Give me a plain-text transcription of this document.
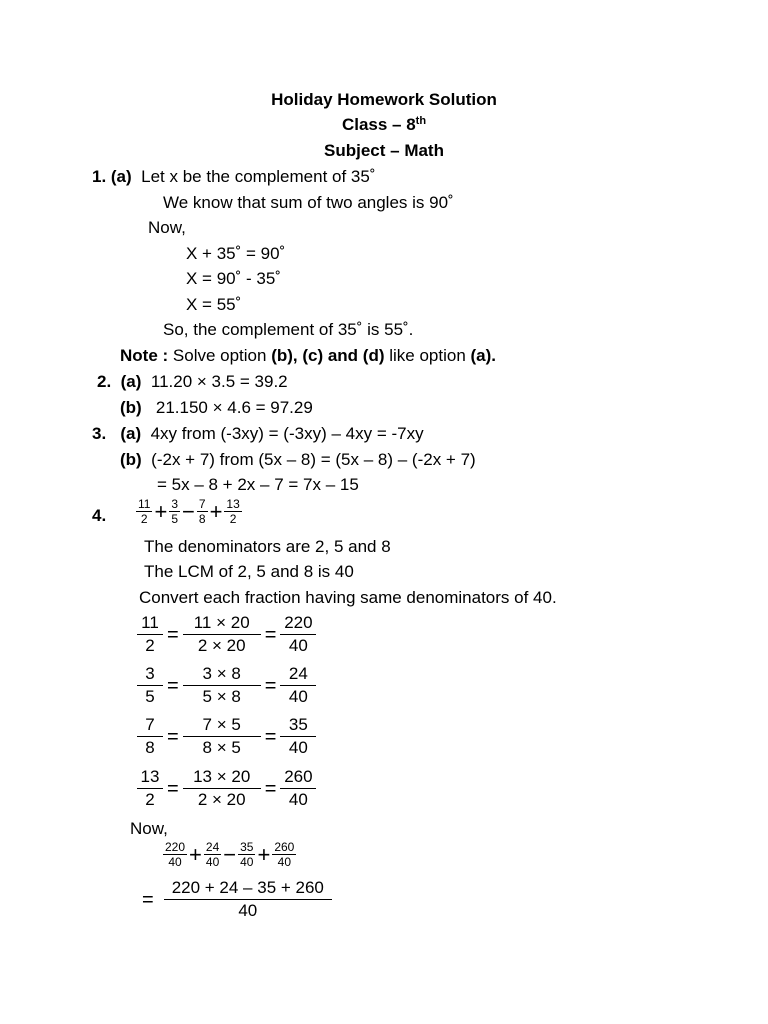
Holiday Homework Solution
Class – 8th
Subject – Math
1. (a) Let x be the complement of 35˚
We know that sum of two angles is 90˚
Now,
X + 35˚ = 90˚
X = 90˚ - 35˚
X = 55˚
So, the complement of 35˚ is 55˚.
Note : Solve option (b), (c) and (d) like option (a).
2. (a) 11.20 × 3.5 = 39.2
(b) 21.150 × 4.6 = 97.29
3. (a) 4xy from (-3xy) = (-3xy) – 4xy = -7xy
(b) (-2x + 7) from (5x – 8) = (5x – 8) – (-2x + 7)
= 5x – 8 + 2x – 7 = 7x – 15
4. $\frac{11}{2} + \frac{3}{5} - \frac{7}{8} + \frac{13}{2}$
The denominators are 2, 5 and 8
The LCM of 2, 5 and 8 is 40
Convert each fraction having same denominators of 40.
$\frac{11}{2} = \frac{11 \times 20}{2 \times 20} = \frac{220}{40}$
$\frac{3}{5} = \frac{3 \times 8}{5 \times 8} = \frac{24}{40}$
$\frac{7}{8} = \frac{7 \times 5}{8 \times 5} = \frac{35}{40}$
$\frac{13}{2} = \frac{13 \times 20}{2 \times 20} = \frac{260}{40}$
Now,
$\frac{220}{40} + \frac{24}{40} - \frac{35}{40} + \frac{260}{40}$
= $\frac{220 + 24 - 35 + 260}{40}$
